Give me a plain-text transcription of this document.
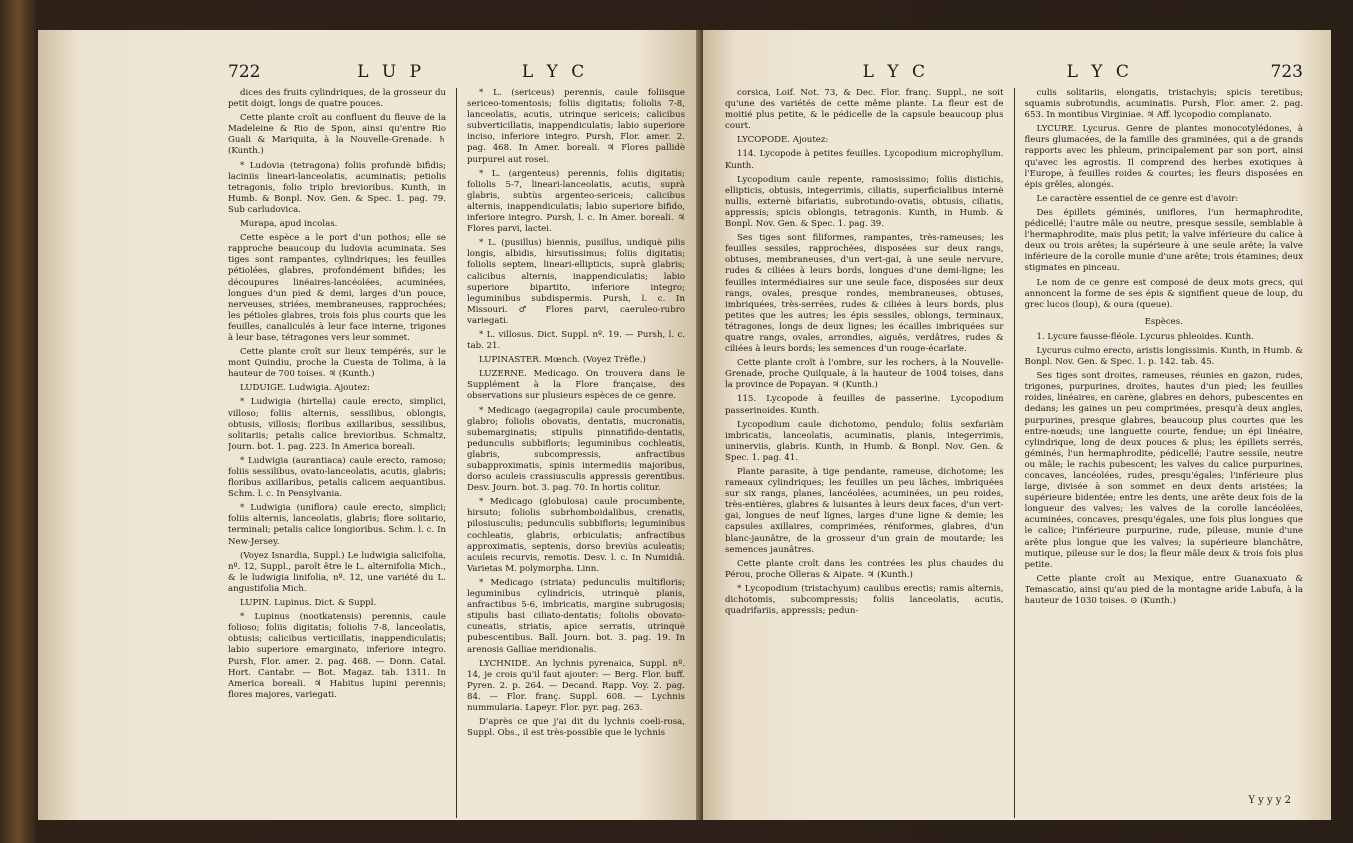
722	L U P	L Y C

dices des fruits cylindriques, de la grosseur du petit doigt, longs de quatre pouces.

Cette plante croît au confluent du fleuve de la Madeleine & Rio de Spon, ainsi qu'entre Rio Guali & Mariquita, à la Nouvelle-Grenade. ♄ (Kunth.)

* Ludovia (tetragona) foliis profundè bifidis; laciniis lineari-lanceolatis, acuminatis; petiolis tetragonis, folio triplo brevioribus. Kunth, in Humb. & Bonpl. Nov. Gen. & Spec. 1. pag. 79. Sub carludovica.

Murapa, apud incolas.

Cette espèce a le port d'un pothos; elle se rapproche beaucoup du ludovia acuminata. Ses tiges sont rampantes, cylindriques; les feuilles pétiolées, glabres, profondément bifides; les découpures linéaires-lancéolées, acuminées, longues d'un pied & demi, larges d'un pouce, nerveuses, striées, membraneuses, rapprochées; les pétioles glabres, trois fois plus courts que les feuilles, canaliculés à leur face interne, trigones à leur base, tétragones vers leur sommet.

Cette plante croît sur lieux tempérés, sur le mont Quindiu, proche la Cuesta de Tolima, à la hauteur de 700 toises. ♃ (Kunth.)

LUDUIGE. Ludwigia. Ajoutez:

* Ludwigia (hirtella) caule erecto, simplici, villoso; foliis alternis, sessilibus, oblongis, obtusis, villosis; floribus axillaribus, sessilibus, solitariis; petalis calice brevioribus. Schmaltz, Journ. bot. 1. pag. 223. In America boreali.

* Ludwigia (aurantiaca) caule erecto, ramoso; foliis sessilibus, ovato-lanceolatis, acutis, glabris; floribus axillaribus, petalis calicem aequantibus. Schm. l. c. In Pensylvania.

* Ludwigia (uniflora) caule erecto, simplici; foliis alternis, lanceolatis, glabris; flore solitario, terminali; petalis calice longioribus. Schm. l. c. In New-Jersey.

(Voyez Isnardia, Suppl.) Le ludwigia salicifolia, nº. 12, Suppl., paroît être le L. alternifolia Mich., & le ludwigia linifolia, nº. 12, une variété du L. angustifolia Mich.

LUPIN. Lupinus. Dict. & Suppl.

* Lupinus (nootkatensis) perennis, caule folioso; foliis digitatis; foliolis 7-8, lanceolatis, obtusis; calicibus verticillatis, inappendiculatis; labio superiore emarginato, inferiore integro. Pursh, Flor. amer. 2. pag. 468. — Donn. Catal. Hort. Cantabr. — Bot. Magaz. tab. 1311. In America boreali. ♃ Habitus lupini perennis; flores majores, variegati.

* L. (sericeus) perennis, caule foliisque sericeo-tomentosis; foliis digitatis; foliolis 7-8, lanceolatis, acutis, utrinque sericeis; calicibus subverticillatis, inappendiculatis; labio superiore inciso, inferiore integro. Pursh, Flor. amer. 2. pag. 468. In Amer. boreali. ♃ Flores pallidè purpurei aut rosei.

* L. (argenteus) perennis, foliis digitatis; foliolis 5-7, lineari-lanceolatis, acutis, suprà glabris, subtùs argenteo-sericeis; calicibus alternis, inappendiculatis; labio superiore bifido, inferiore integro. Pursh, l. c. In Amer. boreali. ♃ Flores parvi, lactei.

* L. (pusillus) biennis, pusillus, undiquè pilis longis, albidis, hirsutissimus; foliis digitatis; foliolis septem, lineari-ellipticis, suprà glabris; calicibus alternis, inappendiculatis; labio superiore bipartito, inferiore integro; leguminibus subdispermis. Pursh, l. c. In Missouri. ♂ Flores parvi, caeruleo-rubro variegati.

* L. villosus. Dict. Suppl. nº. 19. — Pursh, l. c. tab. 21.

LUPINASTER. Mœnch. (Voyez Trèfle.)

LUZERNE. Medicago. On trouvera dans le Supplément à la Flore française, des observations sur plusieurs espèces de ce genre.

* Medicago (aegagropila) caule procumbente, glabro; foliolis obovatis, dentatis, mucronatis, subemarginatis; stipulis pinnatifido-dentatis, pedunculis subbifloris; leguminibus cochleatis, glabris, subcompressis, anfractibus subapproximatis, spinis intermediis majoribus, dorso aculeis crassiusculis appressis gerentibus. Desv. Journ. bot. 3. pag. 70. In hortis colitur.

* Medicago (globulosa) caule procumbente, hirsuto; foliolis subrhomboidalibus, crenatis, pilosiusculis; pedunculis subbifloris; leguminibus cochleatis, glabris, orbiculatis; anfractibus approximatis, septenis, dorso breviùs aculeatis; aculeis recurvis, remotis. Desv. l. c. In Numidiâ. Varietas M. polymorpha. Linn.

* Medicago (striata) pedunculis multifloris; leguminibus cylindricis, utrinquè planis, anfractibus 5-6, imbricatis, margine subrugosis; stipulis basi ciliato-dentatis; foliolis obovato-cuneatis, striatis, apice serratis, utrinquè pubescentibus. Ball. Journ. bot. 3. pag. 19. In arenosis Galliae meridionalis.

LYCHNIDE. An lychnis pyrenaica, Suppl. nº. 14, je crois qu'il faut ajouter: — Berg. Flor. buff. Pyren. 2. p. 264. — Decand. Rapp. Voy. 2. pag. 84. — Flor. franç. Suppl. 608. — Lychnis nummularia. Lapeyr. Flor. pyr. pag. 263.

D'après ce que j'ai dit du lychnis coeli-rosa, Suppl. Obs., il est très-possible que le lychnis

L Y C	L Y C	723

corsica, Loif. Not. 73, & Dec. Flor. franç. Suppl., ne soit qu'une des variétés de cette même plante. La fleur est de moitié plus petite, & le pédicelle de la capsule beaucoup plus court.

LYCOPODE. Ajoutez:

114. Lycopode à petites feuilles. Lycopodium microphyllum. Kunth.

Lycopodium caule repente, ramosissimo; foliis distichis, ellipticis, obtusis, integerrimis, ciliatis, superficialibus internè nullis, externè bifariatis, subrotundo-ovatis, obtusis, ciliatis, appressis; spicis oblongis, tetragonis. Kunth, in Humb. & Bonpl. Nov. Gen. & Spec. 1. pag. 39.

Ses tiges sont filiformes, rampantes, très-rameuses; les feuilles sessiles, rapprochées, disposées sur deux rangs, obtuses, membraneuses, d'un vert-gai, à une seule nervure, rudes & ciliées à leurs bords, longues d'une demi-ligne; les feuilles intermédiaires sur une seule face, disposées sur deux rangs, ovales, presque rondes, membraneuses, obtuses, imbriquées, très-serrées, rudes & ciliées à leurs bords, plus petites que les autres; les épis sessiles, oblongs, terminaux, tétragones, longs de deux lignes; les écailles imbriquées sur quatre rangs, ovales, arrondies, aiguës, verdâtres, rudes & ciliées à leurs bords; les semences d'un rouge-écarlate.

Cette plante croît à l'ombre, sur les rochers, à la Nouvelle-Grenade, proche Quilquale, à la hauteur de 1004 toises, dans la province de Popayan. ♃ (Kunth.)

115. Lycopode à feuilles de passerine. Lycopodium passerinoides. Kunth.

Lycopodium caule dichotomo, pendulo; foliis sexfariàm imbricatis, lanceolatis, acuminatis, planis, integerrimis, uninerviis, glabris. Kunth, in Humb. & Bonpl. Nov. Gen. & Spec. 1. pag. 41.

Plante parasite, à tige pendante, rameuse, dichotome; les rameaux cylindriques; les feuilles un peu lâches, imbriquées sur six rangs, planes, lancéolées, acuminées, un peu roides, très-entières, glabres & luisantes à leurs deux faces, d'un vert-gai, longues de neuf lignes, larges d'une ligne & demie; les capsules axillaires, comprimées, réniformes, glabres, d'un blanc-jaunâtre, de la grosseur d'un grain de moutarde; les semences jaunâtres.

Cette plante croît dans les contrées les plus chaudes du Pérou, proche Olleras & Aipate. ♃ (Kunth.)

* Lycopodium (tristachyum) caulibus erectis; ramis alternis, dichotomis, subcompressis; foliis lanceolatis, acutis, quadrifariis, appressis; pedun-

culis solitariis, elongatis, tristachyis; spicis teretibus; squamis subrotundis, acuminatis. Pursh, Flor. amer. 2. pag. 653. In montibus Virginiae. ♃ Aff. lycopodio complanato.

LYCURE. Lycurus. Genre de plantes monocotylédones, à fleurs glumacées, de la famille des graminées, qui a de grands rapports avec les phleum, principalement par son port, ainsi qu'avec les agrostis. Il comprend des herbes exotiques à l'Europe, à feuilles roides & courtes; les fleurs disposées en épis grêles, alongés.

Le caractère essentiel de ce genre est d'avoir:

Des épillets géminés, uniflores, l'un hermaphrodite, pédicellé; l'autre mâle ou neutre, presque sessile, semblable à l'hermaphrodite, mais plus petit; la valve inférieure du calice à deux ou trois arêtes; la supérieure à une seule arête; la valve inférieure de la corolle munie d'une arête; trois étamines; deux stigmates en pinceau.

Le nom de ce genre est composé de deux mots grecs, qui annoncent la forme de ses épis & signifient queue de loup, du grec lucos (loup), & oura (queue).

Espèces.

1. Lycure fausse-fléole. Lycurus phleoides. Kunth.

Lycurus culmo erecto, aristis longissimis. Kunth, in Humb. & Bonpl. Nov. Gen. & Spec. 1. p. 142. tab. 45.

Ses tiges sont droites, rameuses, réunies en gazon, rudes, trigones, purpurines, droites, hautes d'un pied; les feuilles roides, linéaires, en carène, glabres en dehors, pubescentes en dedans; les gaines un peu comprimées, presqu'à deux angles, purpurines, presque glabres, beaucoup plus courtes que les entre-nœuds; une languette courte, fendue; un épi linéaire, cylindrique, long de deux pouces & plus; les épillets serrés, géminés, l'un hermaphrodite, pédicellé; l'autre sessile, neutre ou mâle; le rachis pubescent; les valves du calice purpurines, concaves, lancéolées, rudes, presqu'égales; l'inférieure plus large, divisée à son sommet en deux dents aristées; la supérieure bidentée; entre les dents, une arête deux fois de la longueur des valves; les valves de la corolle lancéolées, acuminées, concaves, presqu'égales, une fois plus longues que le calice; l'inférieure purpurine, rude, pileuse, munie d'une arête plus longue que les valves; la supérieure blanchâtre, mutique, pileuse sur le dos; la fleur mâle deux & trois fois plus petite.

Cette plante croît au Mexique, entre Guanaxuato & Temascatio, ainsi qu'au pied de la montagne aride Labufa, à la hauteur de 1030 toises. ⊙ (Kunth.)

Y y y y 2
